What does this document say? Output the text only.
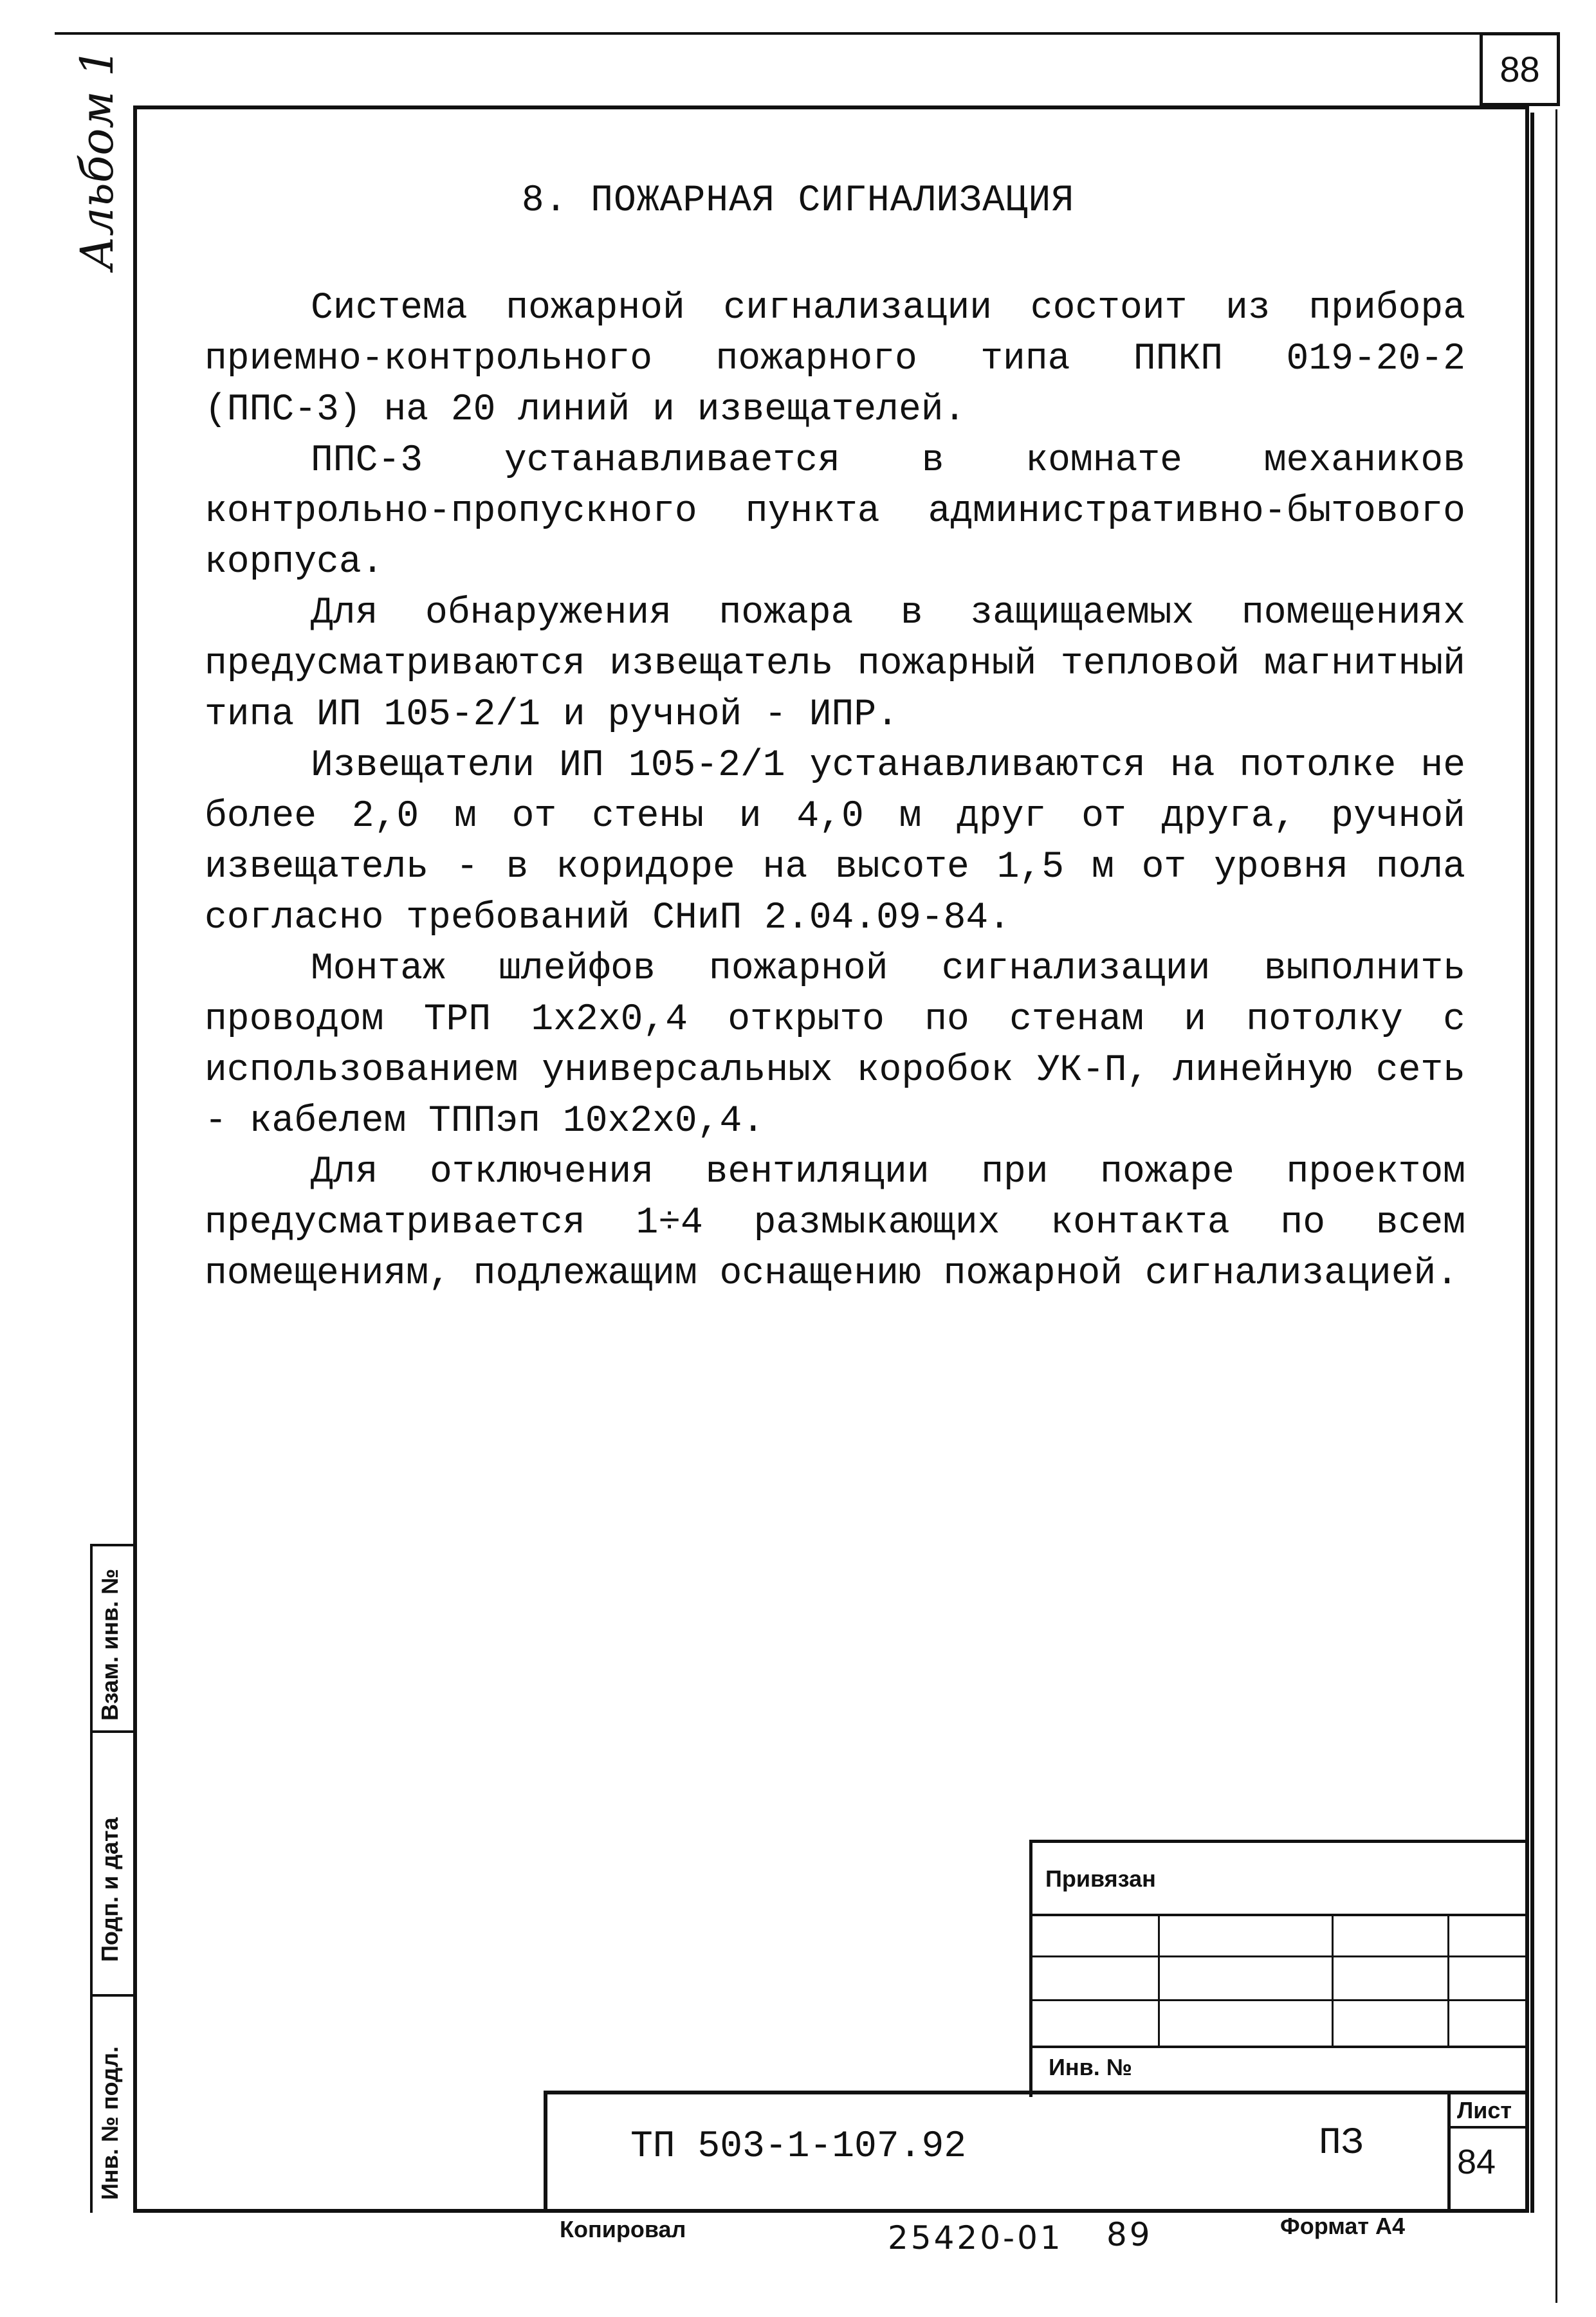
88
Альбом 1	8. ПОЖАРНАЯ СИГНАЛИЗАЦИЯ

Система пожарной сигнализации состоит из прибора приемно-контрольного пожарного типа ППКП 019-20-2 (ППС-3) на 20 линий и извещателей.

ППС-3 устанавливается в комнате механиков контрольно-пропускного пункта административно-бытового корпуса.

Для обнаружения пожара в защищаемых помещениях предусматриваются извещатель пожарный тепловой магнитный типа ИП 105-2/1 и ручной - ИПР.

Извещатели ИП 105-2/1 устанавливаются на потолке не более 2,0 м от стены и 4,0 м друг от друга, ручной извещатель - в коридоре на высоте 1,5 м от уровня пола согласно требований СНиП 2.04.09-84.

Монтаж шлейфов пожарной сигнализации выполнить проводом ТРП 1х2х0,4 открыто по стенам и потолку с использованием универсальных коробок УК-П, линейную сеть - кабелем ТППэп 10х2х0,4.

Для отключения вентиляции при пожаре проектом предусматривается 1÷4 размыкающих контакта по всем помещениям, подлежащим оснащению пожарной сигнализацией.

Взам. инв. №
Подп. и дата
Инв. № подл.
Привязан
Инв. №
ТП 503-1-107.92	ПЗ
Лист
84
Копировал	25420-01 89	Формат А4
